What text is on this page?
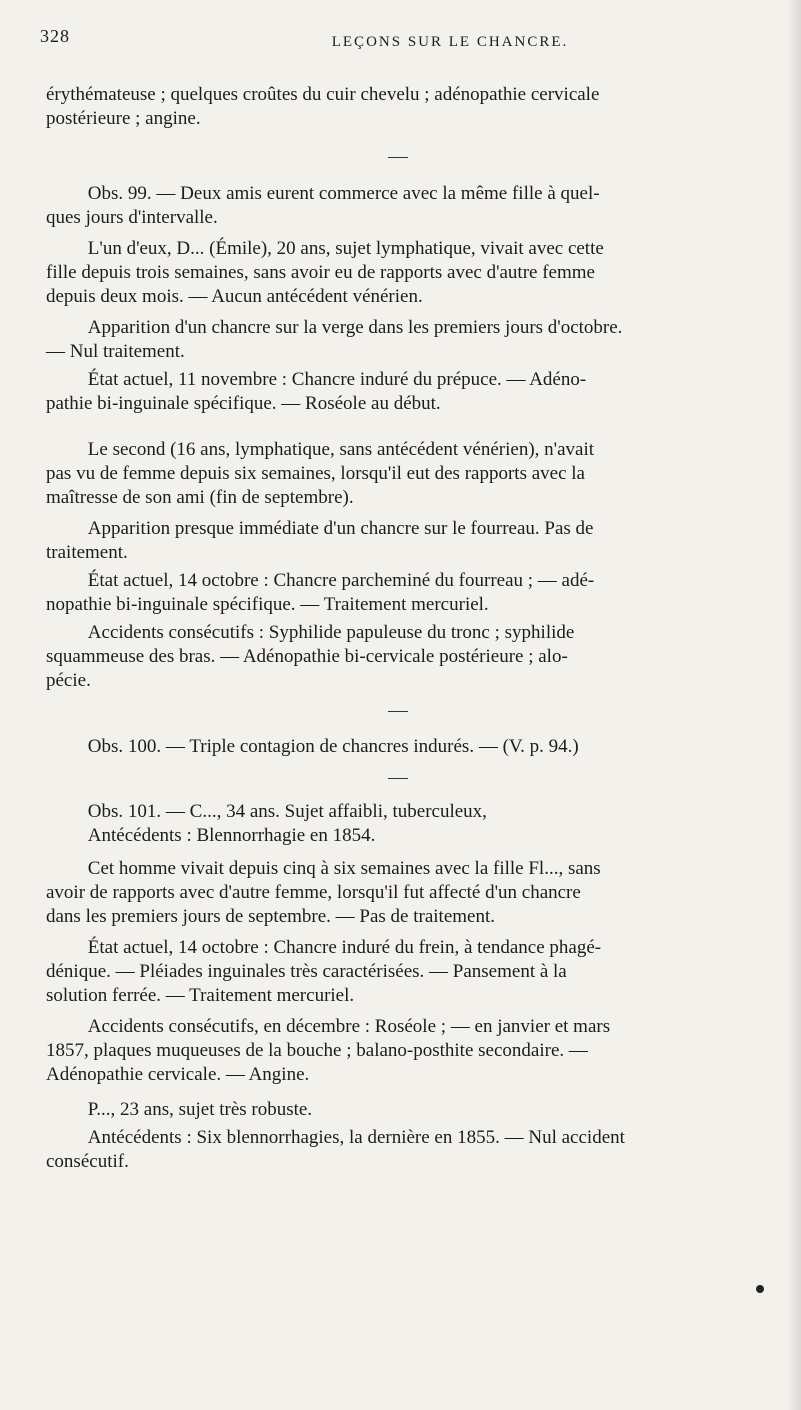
328	LEÇONS SUR LE CHANCRE.

érythémateuse ; quelques croûtes du cuir chevelu ; adénopathie cervicale

postérieure ; angine.

Obs. 99. — Deux amis eurent commerce avec la même fille à quel-

ques jours d'intervalle.

L'un d'eux, D... (Émile), 20 ans, sujet lymphatique, vivait avec cette

fille depuis trois semaines, sans avoir eu de rapports avec d'autre femme

depuis deux mois. — Aucun antécédent vénérien.

Apparition d'un chancre sur la verge dans les premiers jours d'octobre.

— Nul traitement.

État actuel, 11 novembre : Chancre induré du prépuce. — Adéno-

pathie bi-inguinale spécifique. — Roséole au début.

Le second (16 ans, lymphatique, sans antécédent vénérien), n'avait

pas vu de femme depuis six semaines, lorsqu'il eut des rapports avec la

maîtresse de son ami (fin de septembre).

Apparition presque immédiate d'un chancre sur le fourreau. Pas de

traitement.

État actuel, 14 octobre : Chancre parcheminé du fourreau ; — adé-

nopathie bi-inguinale spécifique. — Traitement mercuriel.

Accidents consécutifs : Syphilide papuleuse du tronc ; syphilide

squammeuse des bras. — Adénopathie bi-cervicale postérieure ; alo-

pécie.

Obs. 100. — Triple contagion de chancres indurés. — (V. p. 94.)

Obs. 101. — C..., 34 ans. Sujet affaibli, tuberculeux,

Antécédents : Blennorrhagie en 1854.

Cet homme vivait depuis cinq à six semaines avec la fille Fl..., sans

avoir de rapports avec d'autre femme, lorsqu'il fut affecté d'un chancre

dans les premiers jours de septembre. — Pas de traitement.

État actuel, 14 octobre : Chancre induré du frein, à tendance phagé-

dénique. — Pléiades inguinales très caractérisées. — Pansement à la

solution ferrée. — Traitement mercuriel.

Accidents consécutifs, en décembre : Roséole ; — en janvier et mars

1857, plaques muqueuses de la bouche ; balano-posthite secondaire. —

Adénopathie cervicale. — Angine.

P..., 23 ans, sujet très robuste.

Antécédents : Six blennorrhagies, la dernière en 1855. — Nul accident

consécutif.
